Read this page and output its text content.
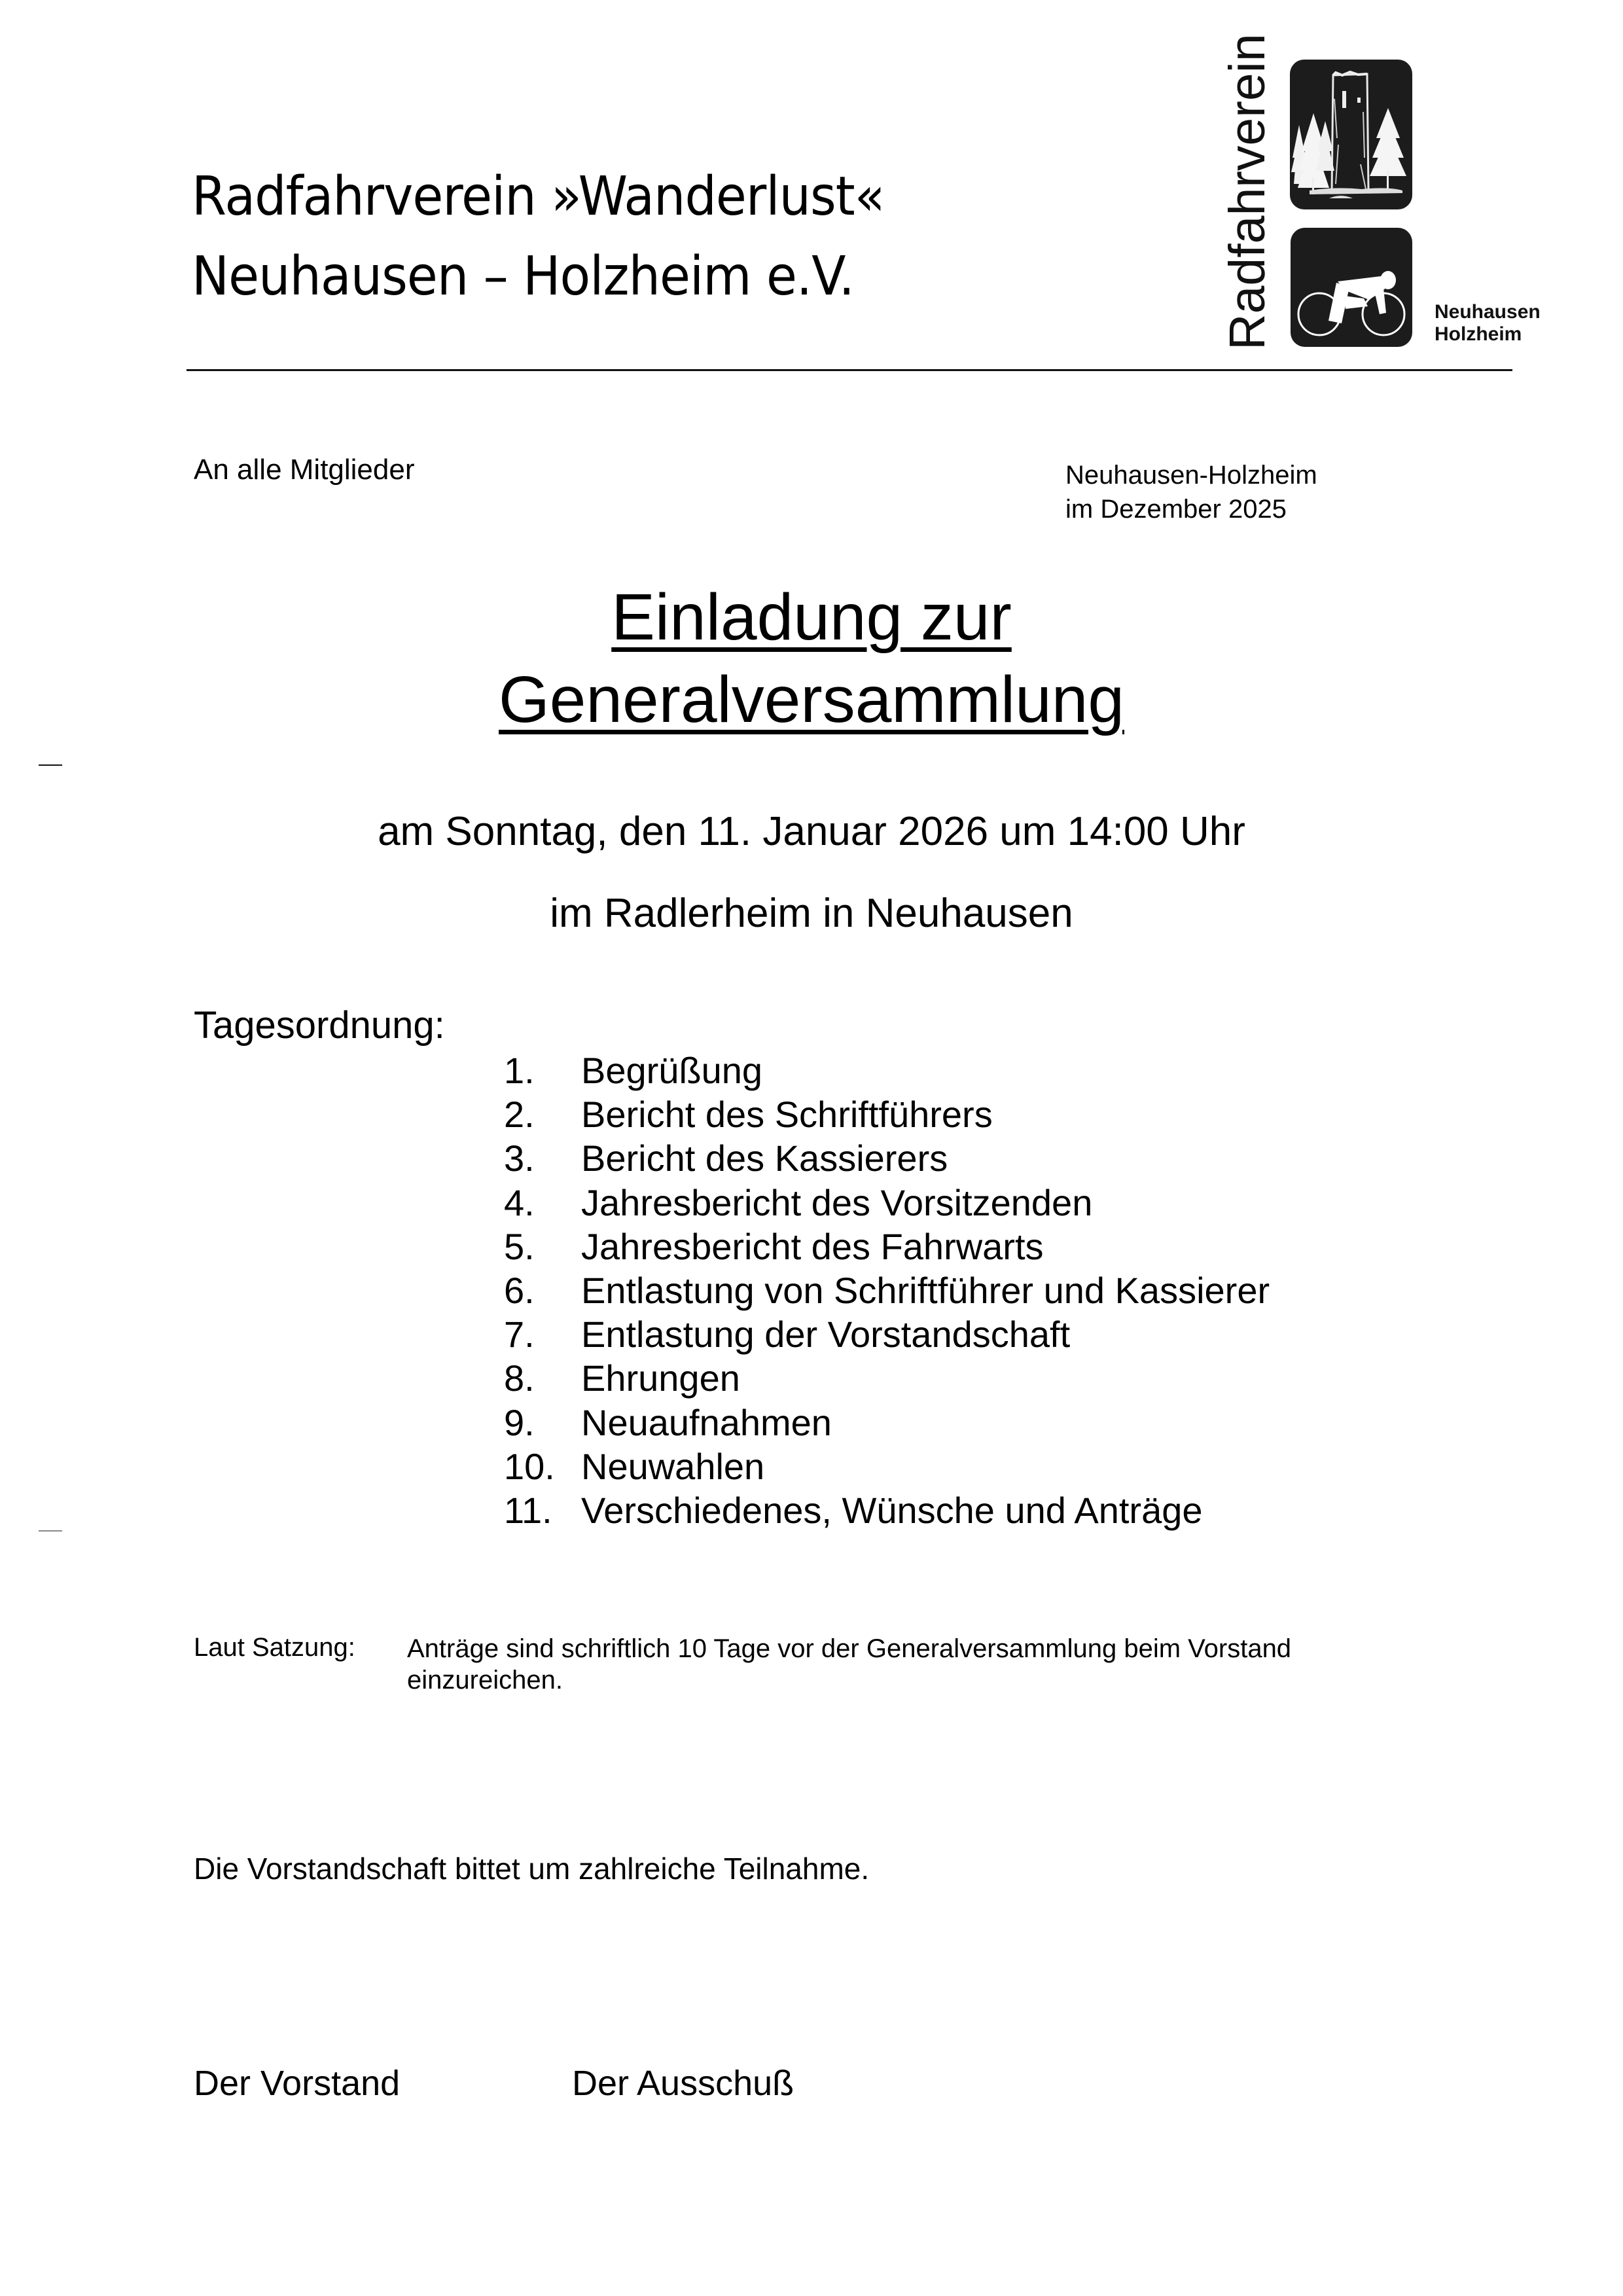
Radfahrverein »Wanderlust«
Neuhausen – Holzheim e.V.	Radfahrverein	Neuhausen
Holzheim
An alle Mitglieder	Neuhausen-Holzheim
im Dezember 2025
Einladung zur
Generalversammlung
am Sonntag, den 11. Januar 2026 um 14:00 Uhr
im Radlerheim in Neuhausen
Tagesordnung:
1.	Begrüßung
2.	Bericht des Schriftführers
3.	Bericht des Kassierers
4.	Jahresbericht des Vorsitzenden
5.	Jahresbericht des Fahrwarts
6.	Entlastung von Schriftführer und Kassierer
7.	Entlastung der Vorstandschaft
8.	Ehrungen
9.	Neuaufnahmen
10. Neuwahlen
11. Verschiedenes, Wünsche und Anträge
Laut Satzung: Anträge sind schriftlich 10 Tage vor der Generalversammlung beim Vorstand
einzureichen.
Die Vorstandschaft bittet um zahlreiche Teilnahme.
Der Vorstand	Der Ausschuß
